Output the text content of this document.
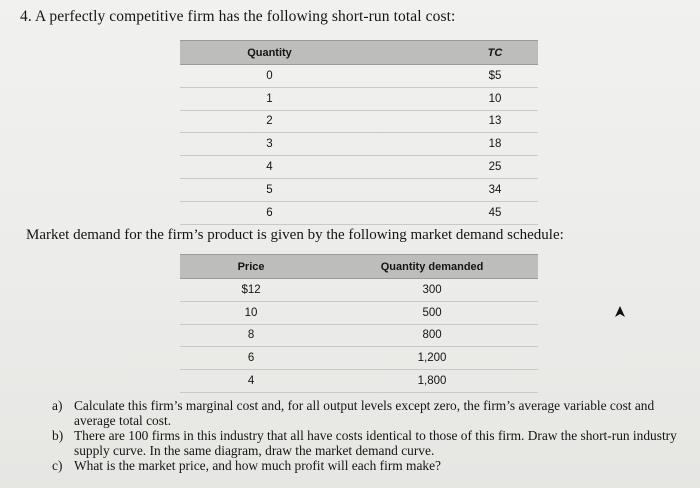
4. A perfectly competitive firm has the following short-run total cost:
Quantity	TC
0	$5
1	10
2	13
3	18
4	25
5	34
6	45
Market demand for the firm’s product is given by the following market demand schedule:
Price	Quantity demanded
$12	300
10	500
8	800
6	1,200
4	1,800
a) Calculate this firm’s marginal cost and, for all output levels except zero, the firm’s average variable cost and average total cost.
b) There are 100 firms in this industry that all have costs identical to those of this firm. Draw the short-run industry supply curve. In the same diagram, draw the market demand curve.
c) What is the market price, and how much profit will each firm make?
